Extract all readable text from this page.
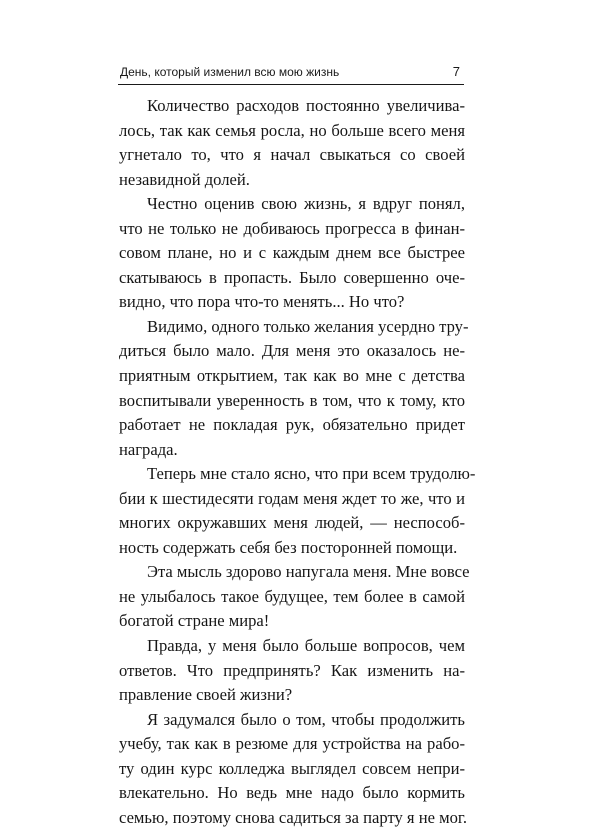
День, который изменил всю мою жизнь	7
Количество расходов постоянно увеличива-
лось, так как семья росла, но больше всего меня
угнетало то, что я начал свыкаться со своей
незавидной долей.
Честно оценив свою жизнь, я вдруг понял,
что не только не добиваюсь прогресса в финан-
совом плане, но и с каждым днем все быстрее
скатываюсь в пропасть. Было совершенно оче-
видно, что пора что-то менять... Но что?
Видимо, одного только желания усердно тру-
диться было мало. Для меня это оказалось не-
приятным открытием, так как во мне с детства
воспитывали уверенность в том, что к тому, кто
работает не покладая рук, обязательно придет
награда.
Теперь мне стало ясно, что при всем трудолю-
бии к шестидесяти годам меня ждет то же, что и
многих окружавших меня людей, — неспособ-
ность содержать себя без посторонней помощи.
Эта мысль здорово напугала меня. Мне вовсе
не улыбалось такое будущее, тем более в самой
богатой стране мира!
Правда, у меня было больше вопросов, чем
ответов. Что предпринять? Как изменить на-
правление своей жизни?
Я задумался было о том, чтобы продолжить
учебу, так как в резюме для устройства на рабо-
ту один курс колледжа выглядел совсем непри-
влекательно. Но ведь мне надо было кормить
семью, поэтому снова садиться за парту я не мог.
